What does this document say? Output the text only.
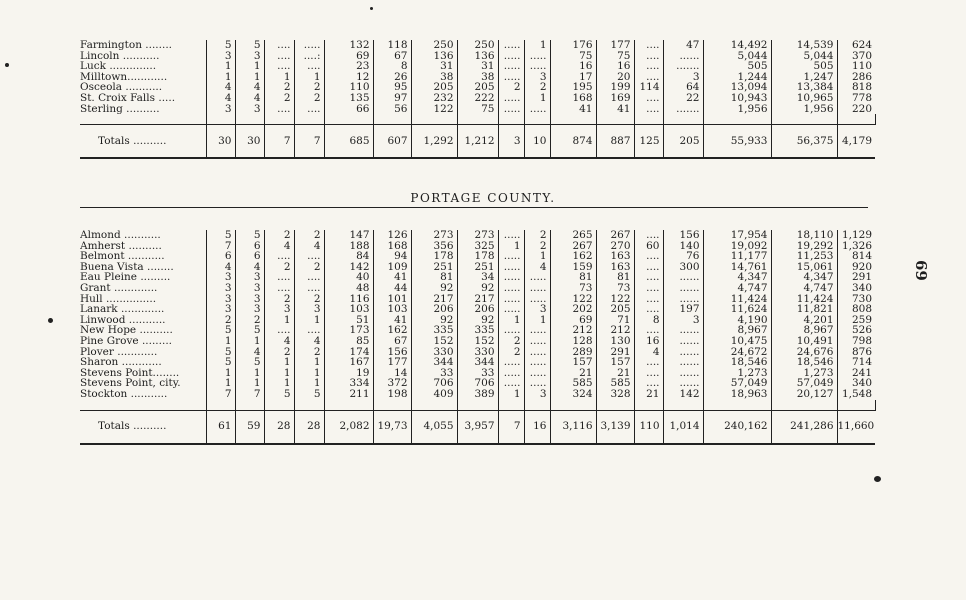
Farmington ........	5	5	....	.....	132	118	250	250	.....	1	176	177	....	47	14,492	14,539	624
Lincoln ...........	3	3	....	....:	69	67	136	136	.....	.....	75	75	....	......	5,044	5,044	370
Luck ..............	1	1	....	....	23	8	31	31	.....	.....	16	16	....	.......	505	505	110
Milltown............	1	1	1	1	12	26	38	38	.....	3	17	20	....	3	1,244	1,247	286
Osceola ...........	4	4	2	2	110	95	205	205	2	2	195	199	114	64	13,094	13,384	818
St. Croix Falls .....	4	4	2	2	135	97	232	222	.....	1	168	169	....	22	10,943	10,965	778
Sterling ..........	3	3	....	....	66	56	122	75	.....	.....	41	41	....	.......	1,956	1,956	220

Totals ..........	30	30	7	7	685	607	1,292	1,212	3	10	874	887	125	205	55,933	56,375	4,179
PORTAGE COUNTY.
Almond ...........	5	5	2	2	147	126	273	273	.....	2	265	267	....	156	17,954	18,110	1,129
Amherst ..........	7	6	4	4	188	168	356	325	1	2	267	270	60	140	19,092	19,292	1,326
Belmont ...........	6	6	....	....	84	94	178	178	.....	1	162	163	....	76	11,177	11,253	814
Buena Vista ........	4	4	2	2	142	109	251	251	.....	4	159	163	....	300	14,761	15,061	920
Eau Pleine .........	3	3	....	....	40	41	81	34	.....	.....	81	81	....	......	4,347	4,347	291
Grant .............	3	3	....	....	48	44	92	92	.....	.....	73	73	....	......	4,747	4,747	340
Hull ...............	3	3	2	2	116	101	217	217	.....	.....	122	122	....	......	11,424	11,424	730
Lanark .............	3	3	3	3	103	103	206	206	.....	3	202	205	....	197	11,624	11,821	808
Linwood ...........	2	2	1	1	51	41	92	92	1	1	69	71	8	3	4,190	4,201	259
New Hope ..........	5	5	....	....	173	162	335	335	.....	.....	212	212	....	......	8,967	8,967	526
Pine Grove .........	1	1	4	4	85	67	152	152	2	.....	128	130	16	......	10,475	10,491	798
Plover ............	5	4	2	2	174	156	330	330	2	.....	289	291	4	......	24,672	24,676	876
Sharon ............	5	5	1	1	167	177	344	344	.....	.....	157	157	....	......	18,546	18,546	714
Stevens Point........	1	1	1	1	19	14	33	33	.....	.....	21	21	....	......	1,273	1,273	241
Stevens Point, city.	1	1	1	1	334	372	706	706	.....	.....	585	585	....	......	57,049	57,049	340
Stockton ...........	7	7	5	5	211	198	409	389	1	3	324	328	21	142	18,963	20,127	1,548

Totals ..........	61	59	28	28	2,082	19,73	4,055	3,957	7	16	3,116	3,139	110	1,014	240,162	241,286	11,660
69
